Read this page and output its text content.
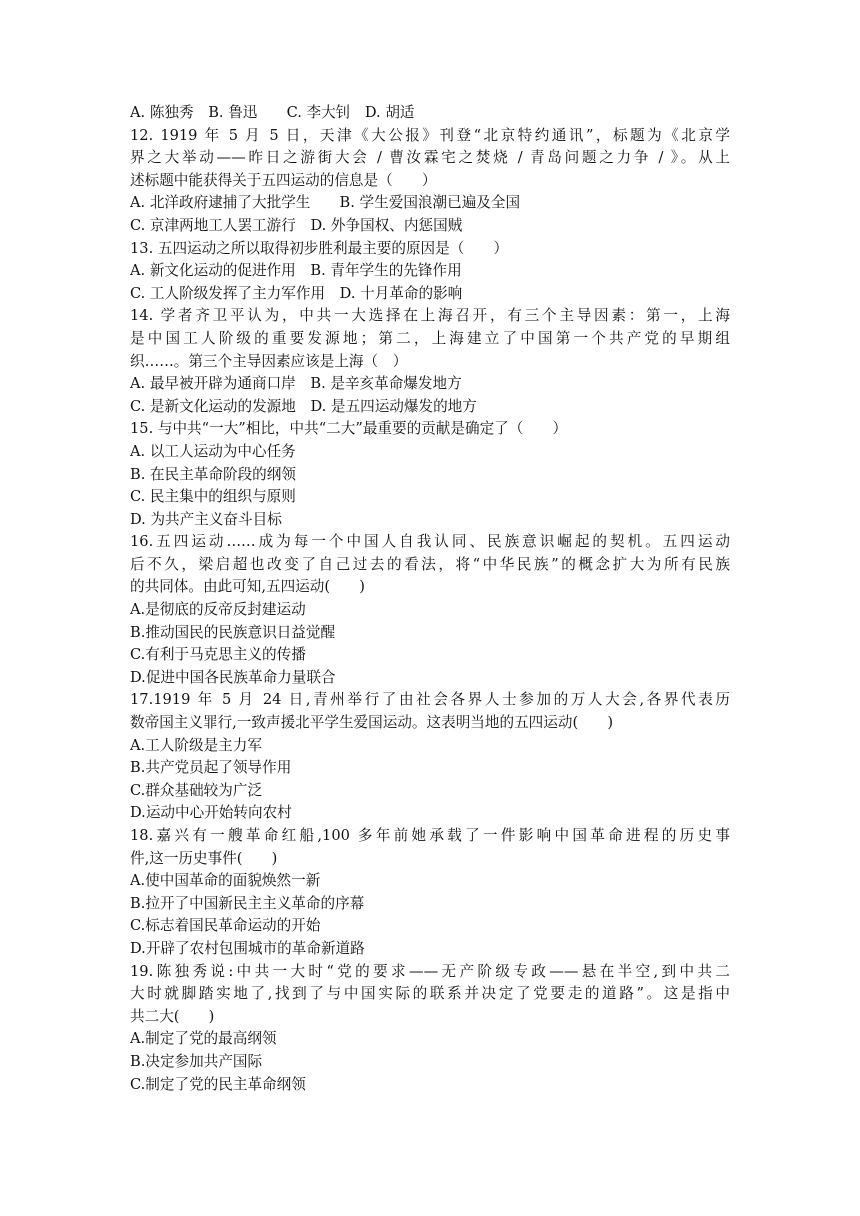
A. 陈独秀　B. 鲁迅　　C. 李大钊　D. 胡适
12. 1919 年 5 月 5 日，天津《大公报》刊登“北京特约通讯”，标题为《北京学
界之大举动——昨日之游街大会 / 曹汝霖宅之焚烧 / 青岛问题之力争 / 》。从上
述标题中能获得关于五四运动的信息是（　　）
A. 北洋政府逮捕了大批学生　　B. 学生爱国浪潮已遍及全国
C. 京津两地工人罢工游行　D. 外争国权、内惩国贼
13. 五四运动之所以取得初步胜利最主要的原因是（　　）
A. 新文化运动的促进作用　B. 青年学生的先锋作用
C. 工人阶级发挥了主力军作用　D. 十月革命的影响
14. 学者齐卫平认为，中共一大选择在上海召开，有三个主导因素：第一，上海
是中国工人阶级的重要发源地；第二，上海建立了中国第一个共产党的早期组
织……。第三个主导因素应该是上海（　）
A. 最早被开辟为通商口岸　B. 是辛亥革命爆发地方
C. 是新文化运动的发源地　D. 是五四运动爆发的地方
15. 与中共“一大”相比，中共“二大”最重要的贡献是确定了（　　）
A. 以工人运动为中心任务
B. 在民主革命阶段的纲领
C. 民主集中的组织与原则
D. 为共产主义奋斗目标
16.五四运动……成为每一个中国人自我认同、民族意识崛起的契机。五四运动
后不久，梁启超也改变了自己过去的看法，将“中华民族”的概念扩大为所有民族
的共同体。由此可知,五四运动(　　)
A.是彻底的反帝反封建运动
B.推动国民的民族意识日益觉醒
C.有利于马克思主义的传播
D.促进中国各民族革命力量联合
17.1919 年 5 月 24 日,青州举行了由社会各界人士参加的万人大会,各界代表历
数帝国主义罪行,一致声援北平学生爱国运动。这表明当地的五四运动(　　)
A.工人阶级是主力军
B.共产党员起了领导作用
C.群众基础较为广泛
D.运动中心开始转向农村
18.嘉兴有一艘革命红船,100 多年前她承载了一件影响中国革命进程的历史事
件,这一历史事件(　　)
A.使中国革命的面貌焕然一新
B.拉开了中国新民主主义革命的序幕
C.标志着国民革命运动的开始
D.开辟了农村包围城市的革命新道路
19.陈独秀说:中共一大时“党的要求——无产阶级专政——悬在半空,到中共二
大时就脚踏实地了,找到了与中国实际的联系并决定了党要走的道路”。这是指中
共二大(　　)
A.制定了党的最高纲领
B.决定参加共产国际
C.制定了党的民主革命纲领
